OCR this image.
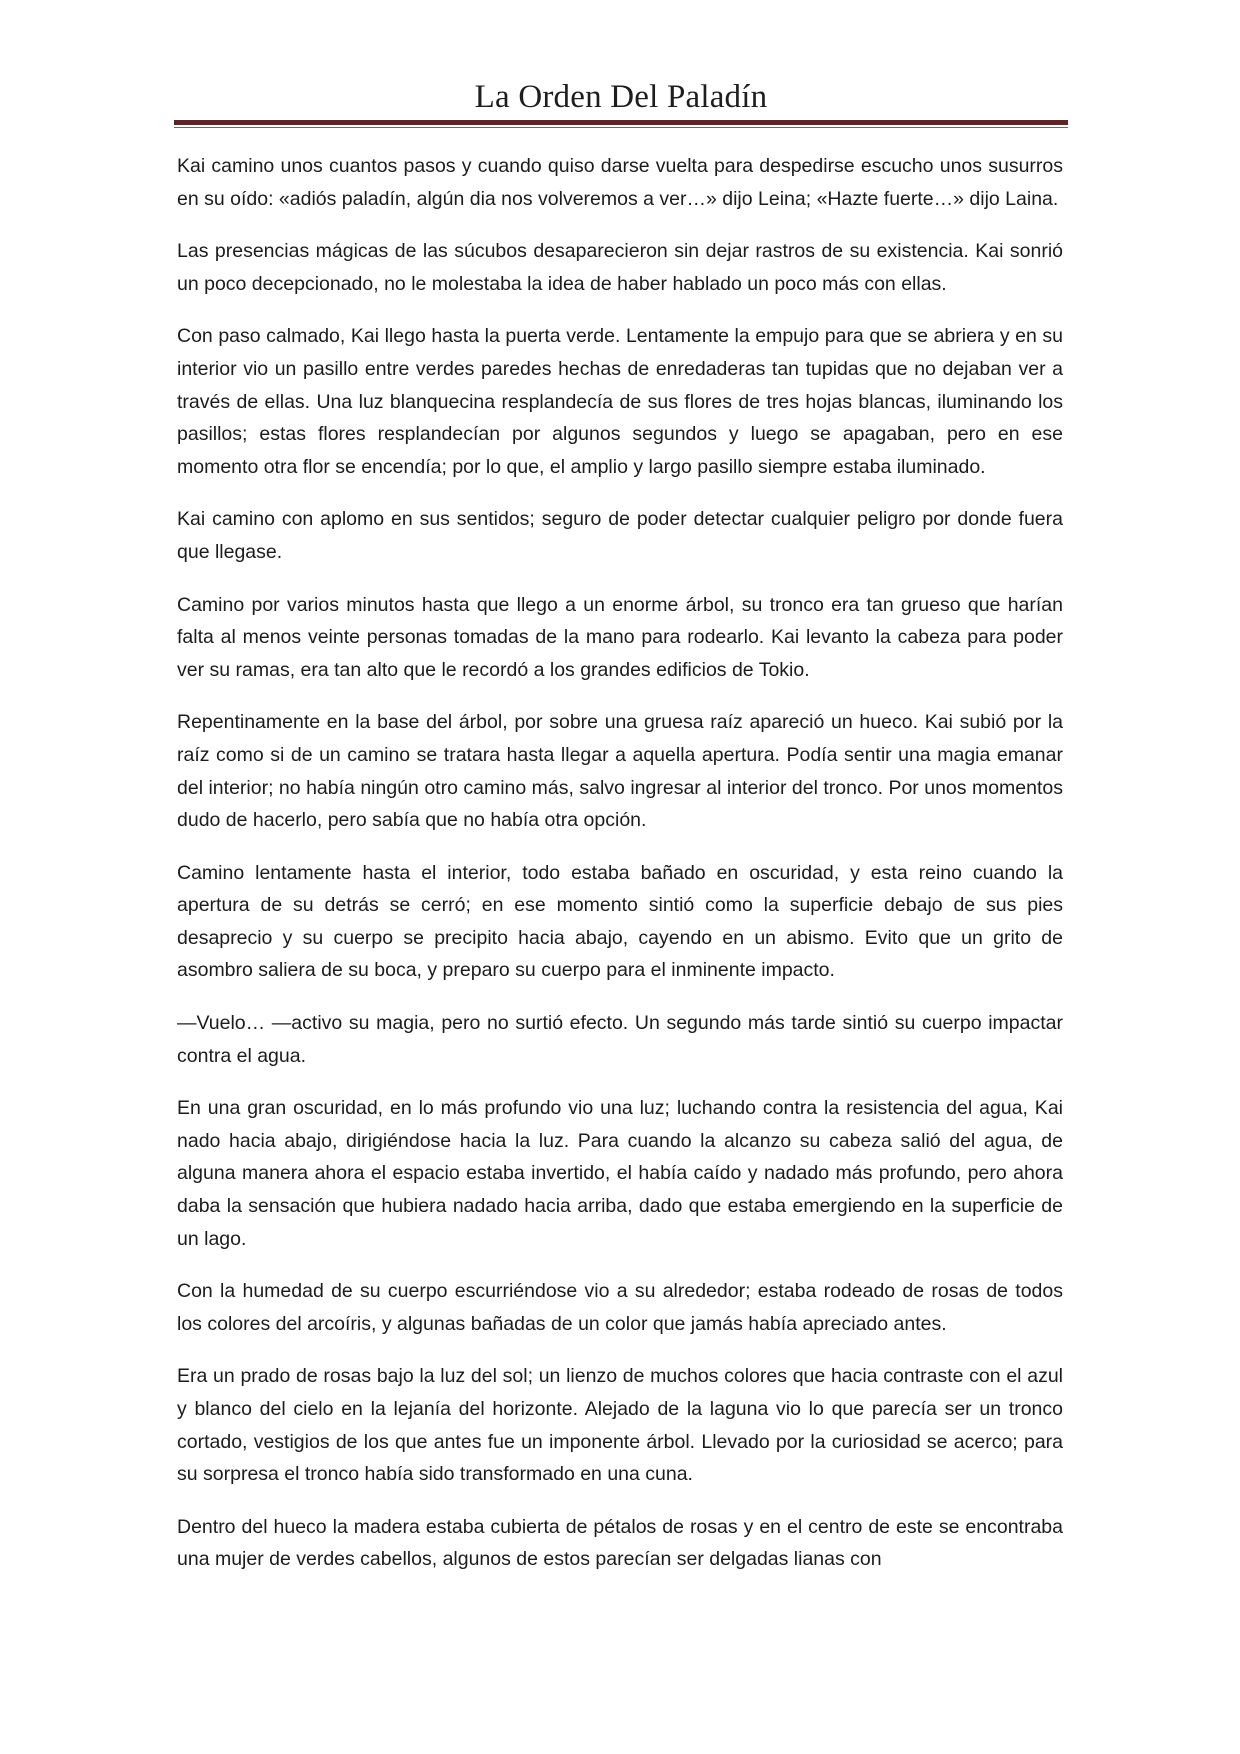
La Orden Del Paladín

Kai camino unos cuantos pasos y cuando quiso darse vuelta para despedirse escucho unos susurros en su oído: «adiós paladín, algún dia nos volveremos a ver…» dijo Leina; «Hazte fuerte…» dijo Laina.

Las presencias mágicas de las súcubos desaparecieron sin dejar rastros de su existencia. Kai sonrió un poco decepcionado, no le molestaba la idea de haber hablado un poco más con ellas.

Con paso calmado, Kai llego hasta la puerta verde. Lentamente la empujo para que se abriera y en su interior vio un pasillo entre verdes paredes hechas de enredaderas tan tupidas que no dejaban ver a través de ellas. Una luz blanquecina resplandecía de sus flores de tres hojas blancas, iluminando los pasillos; estas flores resplandecían por algunos segundos y luego se apagaban, pero en ese momento otra flor se encendía; por lo que, el amplio y largo pasillo siempre estaba iluminado.

Kai camino con aplomo en sus sentidos; seguro de poder detectar cualquier peligro por donde fuera que llegase.

Camino por varios minutos hasta que llego a un enorme árbol, su tronco era tan grueso que harían falta al menos veinte personas tomadas de la mano para rodearlo. Kai levanto la cabeza para poder ver su ramas, era tan alto que le recordó a los grandes edificios de Tokio.

Repentinamente en la base del árbol, por sobre una gruesa raíz apareció un hueco. Kai subió por la raíz como si de un camino se tratara hasta llegar a aquella apertura. Podía sentir una magia emanar del interior; no había ningún otro camino más, salvo ingresar al interior del tronco. Por unos momentos dudo de hacerlo, pero sabía que no había otra opción.

Camino lentamente hasta el interior, todo estaba bañado en oscuridad, y esta reino cuando la apertura de su detrás se cerró; en ese momento sintió como la superficie debajo de sus pies desaprecio y su cuerpo se precipito hacia abajo, cayendo en un abismo. Evito que un grito de asombro saliera de su boca, y preparo su cuerpo para el inminente impacto.

—Vuelo… —activo su magia, pero no surtió efecto. Un segundo más tarde sintió su cuerpo impactar contra el agua.

En una gran oscuridad, en lo más profundo vio una luz; luchando contra la resistencia del agua, Kai nado hacia abajo, dirigiéndose hacia la luz. Para cuando la alcanzo su cabeza salió del agua, de alguna manera ahora el espacio estaba invertido, el había caído y nadado más profundo, pero ahora daba la sensación que hubiera nadado hacia arriba, dado que estaba emergiendo en la superficie de un lago.

Con la humedad de su cuerpo escurriéndose vio a su alrededor; estaba rodeado de rosas de todos los colores del arcoíris, y algunas bañadas de un color que jamás había apreciado antes.

Era un prado de rosas bajo la luz del sol; un lienzo de muchos colores que hacia contraste con el azul y blanco del cielo en la lejanía del horizonte. Alejado de la laguna vio lo que parecía ser un tronco cortado, vestigios de los que antes fue un imponente árbol. Llevado por la curiosidad se acerco; para su sorpresa el tronco había sido transformado en una cuna.

Dentro del hueco la madera estaba cubierta de pétalos de rosas y en el centro de este se encontraba una mujer de verdes cabellos, algunos de estos parecían ser delgadas lianas con
